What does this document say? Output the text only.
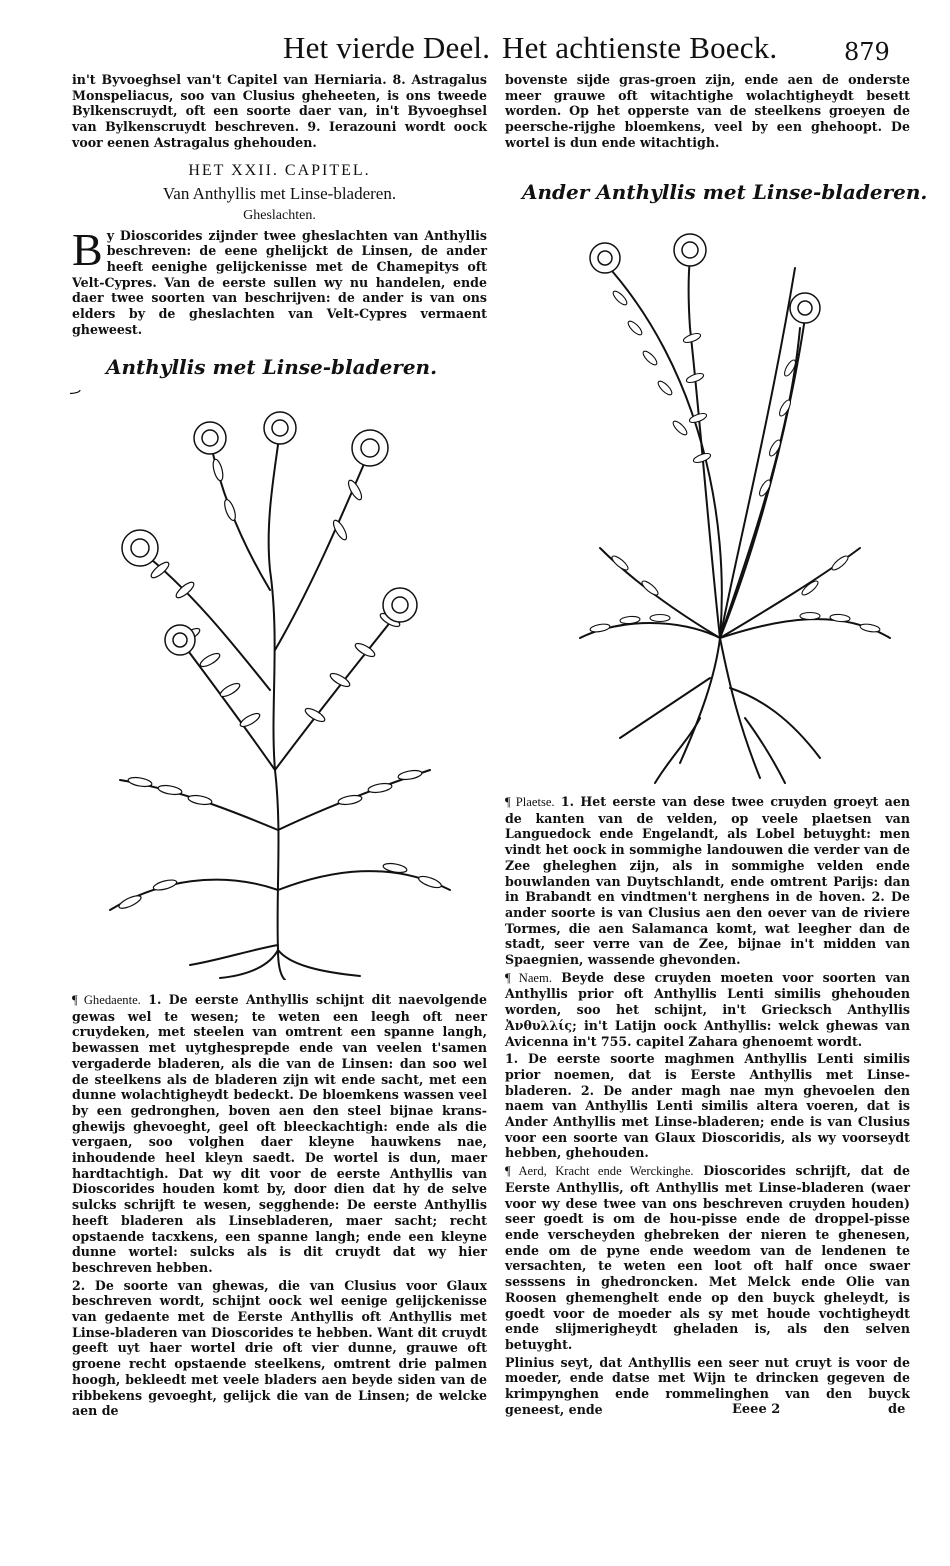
Het vierde Deel. Het achtienste Boeck.	879

in't Byvoeghsel van't Capitel van Herniaria. 8. Astragalus Monspeliacus, soo van Clusius gheheeten, is ons tweede Bylkenscruydt, oft een soorte daer van, in't Byvoeghsel van Bylkenscruydt beschreven. 9. Ierazouni wordt oock voor eenen Astragalus ghehouden.

HET XXII. CAPITEL.
Van Anthyllis met Linse-bladeren.
Gheslachten.
B y Dioscorides zijnder twee gheslachten van Anthyllis beschreven: de eene ghelijckt de Linsen, de ander heeft eenighe gelijckenisse met de Chamepitys oft Velt-Cypres. Van de eerste sullen wy nu handelen, ende daer twee soorten van beschrijven: de ander is van ons elders by de gheslachten van Velt-Cypres vermaent gheweest.
Anthyllis met Linse-bladeren.

¶ Ghedaente. 1. De eerste Anthyllis schijnt dit naevolgende gewas wel te wesen; te weten een leegh oft neer cruydeken, met steelen van omtrent een spanne langh, bewassen met uytghesprepde ende van veelen t'samen vergaderde bladeren, als die van de Linsen: dan soo wel de steelkens als de bladeren zijn wit ende sacht, met een dunne wolachtigheydt bedeckt. De bloemkens wassen veel by een gedronghen, boven aen den steel bijnae krans-ghewijs ghevoeght, geel oft bleeckachtigh: ende als die vergaen, soo volghen daer kleyne hauwkens nae, inhoudende heel kleyn saedt. De wortel is dun, maer hardtachtigh. Dat wy dit voor de eerste Anthyllis van Dioscorides houden komt by, door dien dat hy de selve sulcks schrijft te wesen, segghende: De eerste Anthyllis heeft bladeren als Linsebladeren, maer sacht; recht opstaende tacxkens, een spanne langh; ende een kleyne dunne wortel: sulcks als is dit cruydt dat wy hier beschreven hebben.

2. De soorte van ghewas, die van Clusius voor Glaux beschreven wordt, schijnt oock wel eenige gelijckenisse van gedaente met de Eerste Anthyllis oft Anthyllis met Linse-bladeren van Dioscorides te hebben. Want dit cruydt geeft uyt haer wortel drie oft vier dunne, grauwe oft groene recht opstaende steelkens, omtrent drie palmen hoogh, bekleedt met veele bladers aen beyde siden van de ribbekens gevoeght, gelijck die van de Linsen; de welcke aen de

bovenste sijde gras-groen zijn, ende aen de onderste meer grauwe oft witachtighe wolachtigheydt besett worden. Op het opperste van de steelkens groeyen de peersche-rijghe bloemkens, veel by een ghehoopt. De wortel is dun ende witachtigh.
Ander Anthyllis met Linse-bladeren.

¶ Plaetse. 1. Het eerste van dese twee cruyden groeyt aen de kanten van de velden, op veele plaetsen van Languedock ende Engelandt, als Lobel betuyght: men vindt het oock in sommighe landouwen die verder van de Zee gheleghen zijn, als in sommighe velden ende bouwlanden van Duytschlandt, ende omtrent Parijs: dan in Brabandt en vindtmen't nerghens in de hoven. 2. De ander soorte is van Clusius aen den oever van de riviere Tormes, die aen Salamanca komt, wat leegher dan de stadt, seer verre van de Zee, bijnae in't midden van Spaegnien, wassende ghevonden.

¶ Naem. Beyde dese cruyden moeten voor soorten van Anthyllis prior oft Anthyllis Lenti similis ghehouden worden, soo het schijnt, in't Griecksch Anthyllis Ἀνθυλλίς; in't Latijn oock Anthyllis: welck ghewas van Avicenna in't 755. capitel Zahara ghenoemt wordt.

1. De eerste soorte maghmen Anthyllis Lenti similis prior noemen, dat is Eerste Anthyllis met Linse-bladeren. 2. De ander magh nae myn ghevoelen den naem van Anthyllis Lenti similis altera voeren, dat is Ander Anthyllis met Linse-bladeren; ende is van Clusius voor een soorte van Glaux Dioscoridis, als wy voorseydt hebben, ghehouden.

¶ Aerd, Kracht ende Werckinghe. Dioscorides schrijft, dat de Eerste Anthyllis, oft Anthyllis met Linse-bladeren (waer voor wy dese twee van ons beschreven cruyden houden) seer goedt is om de hou-pisse ende de droppel-pisse ende verscheyden ghebreken der nieren te ghenesen, ende om de pyne ende weedom van de lendenen te versachten, te weten een loot oft half once swaer sesssens in ghedroncken. Met Melck ende Olie van Roosen ghemenghelt ende op den buyck gheleydt, is goedt voor de moeder als sy met houde vochtigheydt ende slijmerigheydt gheladen is, als den selven betuyght.

Plinius seyt, dat Anthyllis een seer nut cruyt is voor de moeder, ende datse met Wijn te drincken gegeven de krimpynghen ende rommelinghen van den buyck geneest, ende	Eeee 2	de
